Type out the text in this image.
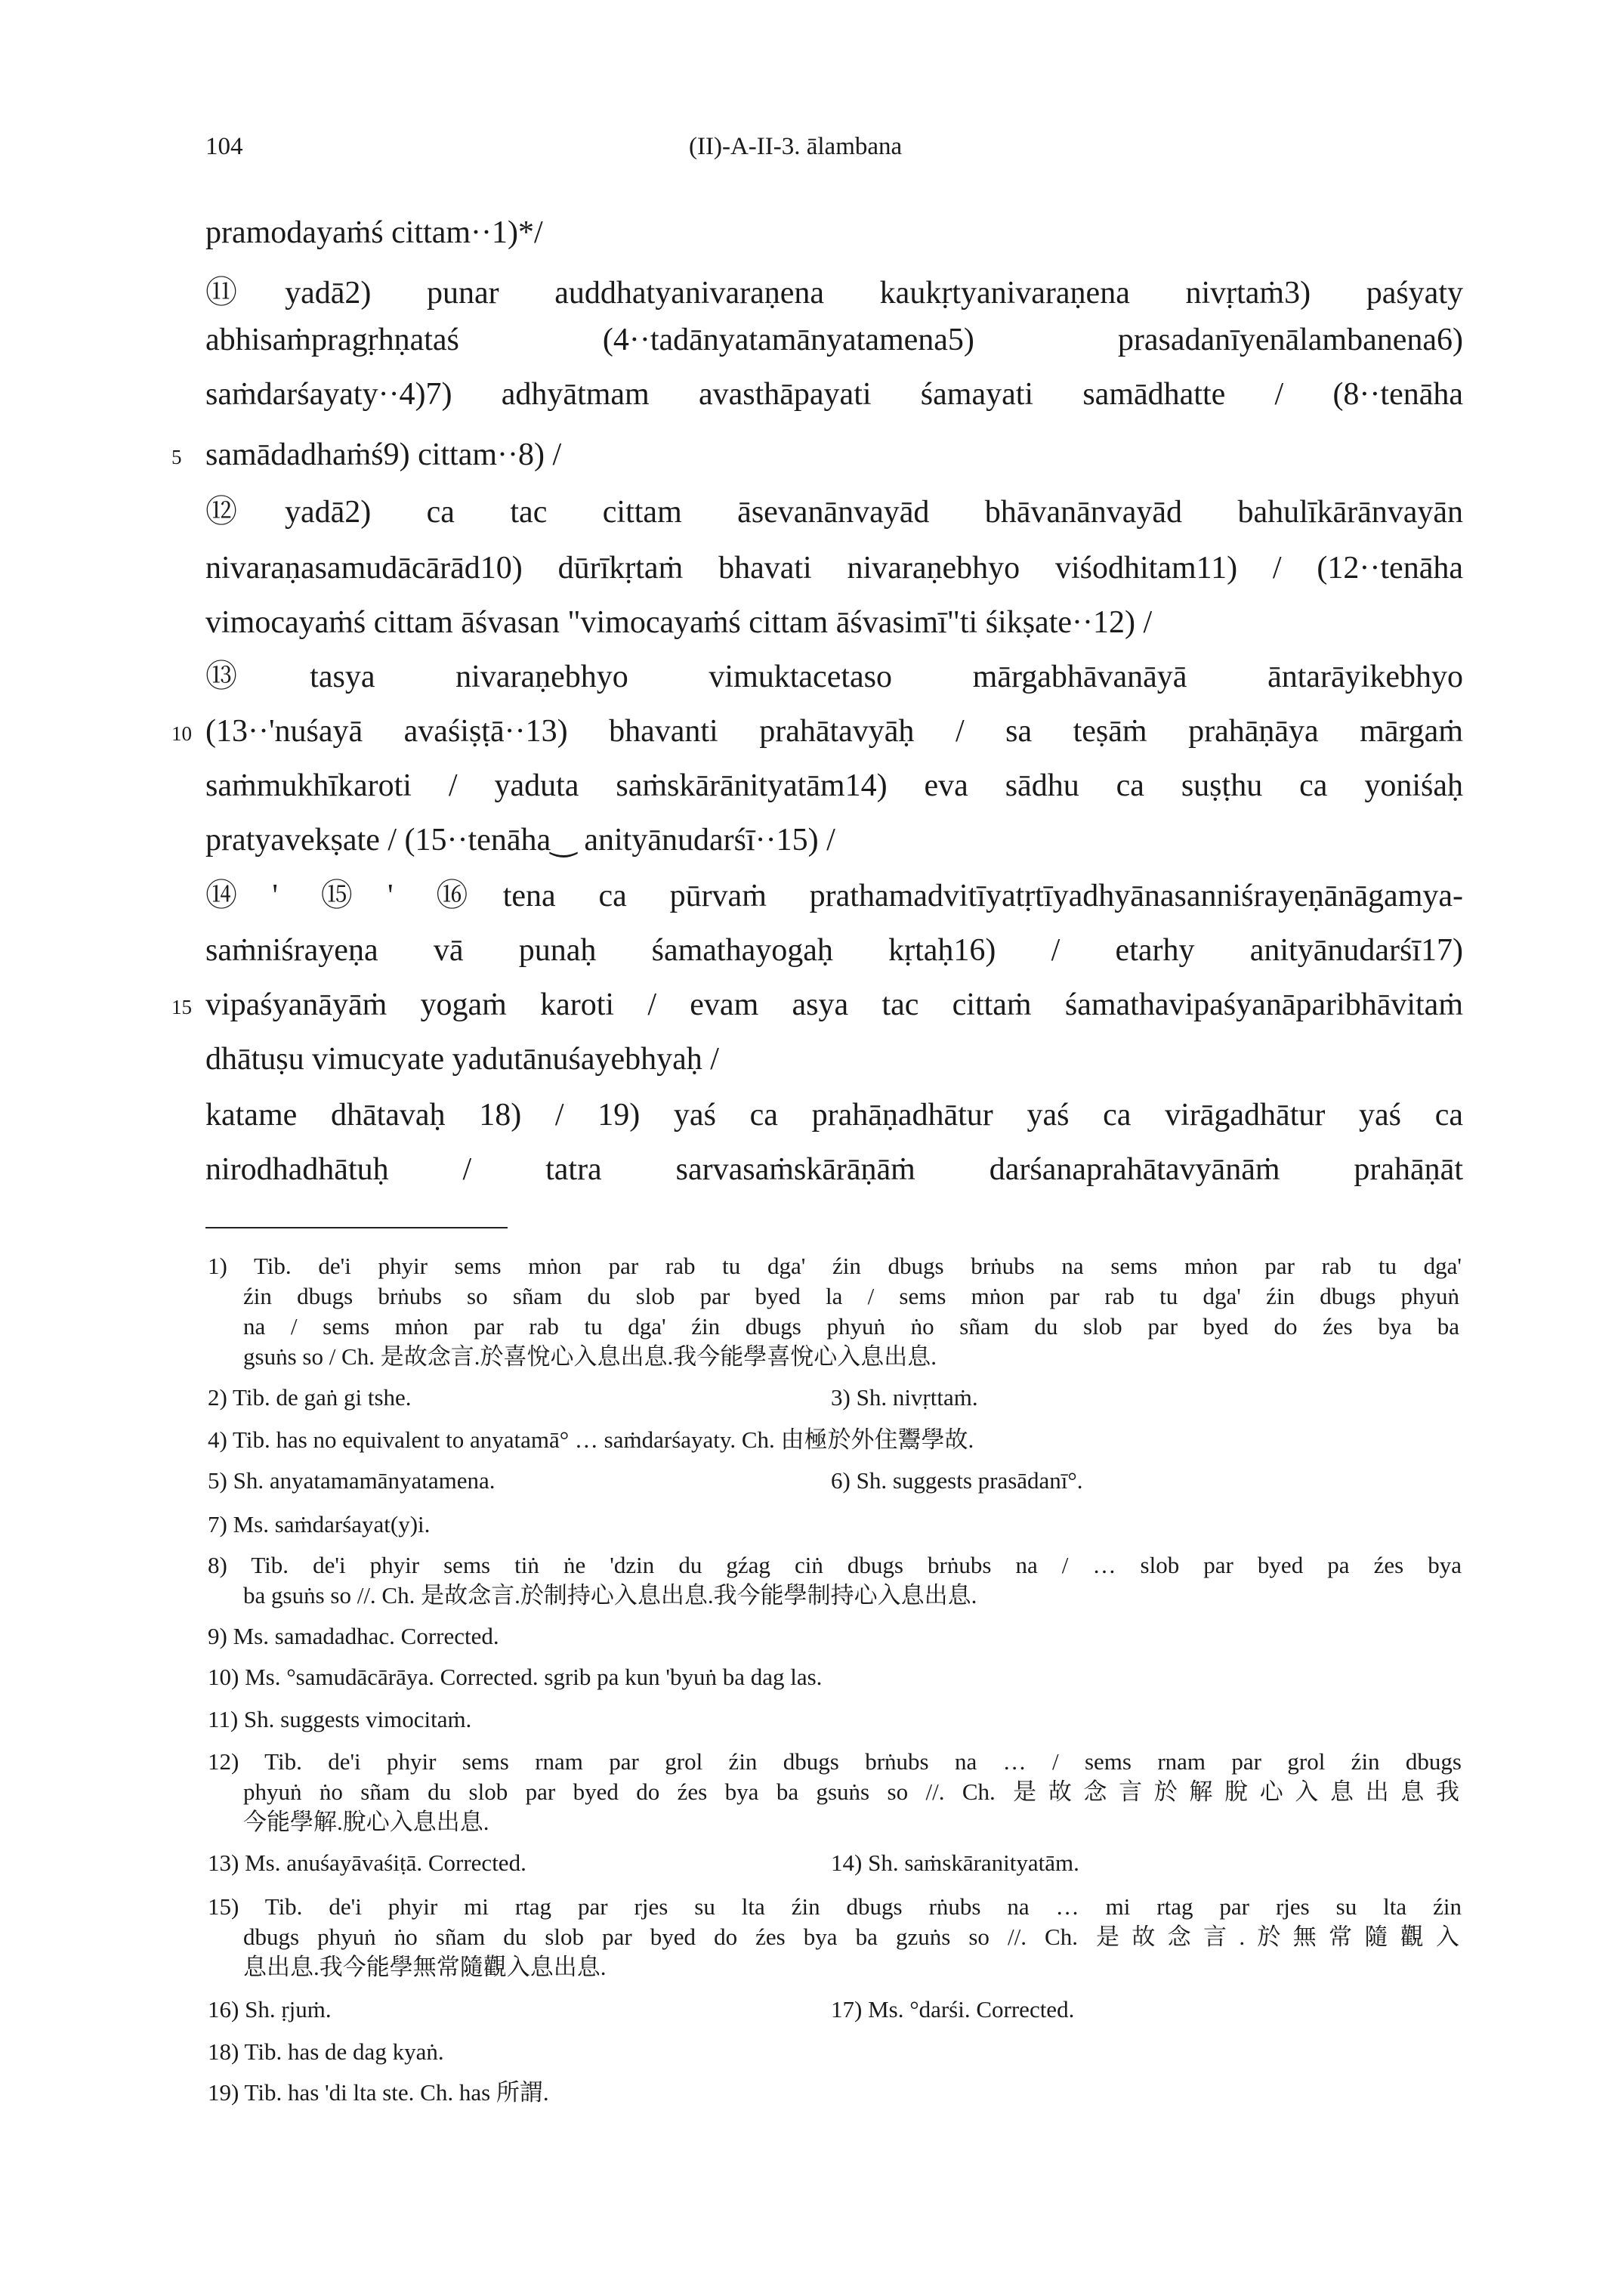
104	(II)-A-II-3. ālambana
pramodayaṁś cittam··1)*/
⑪yadā2) punar auddhatyanivaraṇena kaukṛtyanivaraṇena nivṛtaṁ3) paśyaty
abhisaṁpragṛhṇataś (4··tadānyatamānyatamena5) prasadanīyenālambanena6)
saṁdarśayaty··4)7) adhyātmam avasthāpayati śamayati samādhatte / (8··tenāha
5 samādadhaṁś9) cittam··8) /
⑫yadā2) ca tac cittam āsevanānvayād bhāvanānvayād bahulīkārānvayān
nivaraṇasamudācārād10) dūrīkṛtaṁ bhavati nivaraṇebhyo viśodhitam11) / (12··tenāha
vimocayaṁś cittam āśvasan "vimocayaṁś cittam āśvasimī"ti śikṣate··12) /
⑬tasya nivaraṇebhyo vimuktacetaso mārgabhāvanāyā āntarāyikebhyo
10 (13··'nuśayā avaśiṣṭā··13) bhavanti prahātavyāḥ / sa teṣāṁ prahāṇāya mārgaṁ
saṁmukhīkaroti / yaduta saṁskārānityatām14) eva sādhu ca suṣṭhu ca yoniśaḥ
pratyavekṣate / (15··tenāha‿ anityānudarśī··15) /
⑭' ⑮' ⑯tena ca pūrvaṁ prathamadvitīyatṛtīyadhyānasanniśrayeṇānāgamya-
saṁniśrayeṇa vā punaḥ śamathayogaḥ kṛtaḥ16) / etarhy anityānudarśī17)
15 vipaśyanāyāṁ yogaṁ karoti / evam asya tac cittaṁ śamathavipaśyanāparibhāvitaṁ
dhātuṣu vimucyate yadutānuśayebhyaḥ /
katame dhātavaḥ 18) / 19) yaś ca prahāṇadhātur yaś ca virāgadhātur yaś ca
nirodhadhātuḥ / tatra sarvasaṁskārāṇāṁ darśanaprahātavyānāṁ prahāṇāt
1) Tib. de'i phyir sems mṅon par rab tu dga' źin dbugs brṅubs na sems mṅon par rab tu dga'
źin dbugs brṅubs so sñam du slob par byed la / sems mṅon par rab tu dga' źin dbugs phyuṅ
na / sems mṅon par rab tu dga' źin dbugs phyuṅ ṅo sñam du slob par byed do źes bya ba
gsuṅs so / Ch. 是故念言.於喜悅心入息出息.我今能學喜悅心入息出息.
2) Tib. de gaṅ gi tshe.	3) Sh. nivṛttaṁ.
4) Tib. has no equivalent to anyatamā° … saṁdarśayaty. Ch. 由極於外住鬻學故.
5) Sh. anyatamamānyatamena.	6) Sh. suggests prasādanī°.
7) Ms. saṁdarśayat(y)i.
8) Tib. de'i phyir sems tiṅ ṅe 'dzin du gźag ciṅ dbugs brṅubs na / … slob par byed pa źes bya
ba gsuṅs so //. Ch. 是故念言.於制持心入息出息.我今能學制持心入息出息.
9) Ms. samadadhac. Corrected.
10) Ms. °samudācārāya. Corrected. sgrib pa kun 'byuṅ ba dag las.
11) Sh. suggests vimocitaṁ.
12) Tib. de'i phyir sems rnam par grol źin dbugs brṅubs na … / sems rnam par grol źin dbugs
phyuṅ ṅo sñam du slob par byed do źes bya ba gsuṅs so //. Ch. 是故念言於解脫心入息出息我
今能學解.脫心入息出息.
13) Ms. anuśayāvaśiṭā. Corrected.	14) Sh. saṁskāranityatām.
15) Tib. de'i phyir mi rtag par rjes su lta źin dbugs rṅubs na … mi rtag par rjes su lta źin
dbugs phyuṅ ṅo sñam du slob par byed do źes bya ba gzuṅs so //. Ch. 是故念言.於無常隨觀入
息出息.我今能學無常隨觀入息出息.
16) Sh. ṛjuṁ.	17) Ms. °darśi. Corrected.
18) Tib. has de dag kyaṅ.
19) Tib. has 'di lta ste. Ch. has 所謂.
